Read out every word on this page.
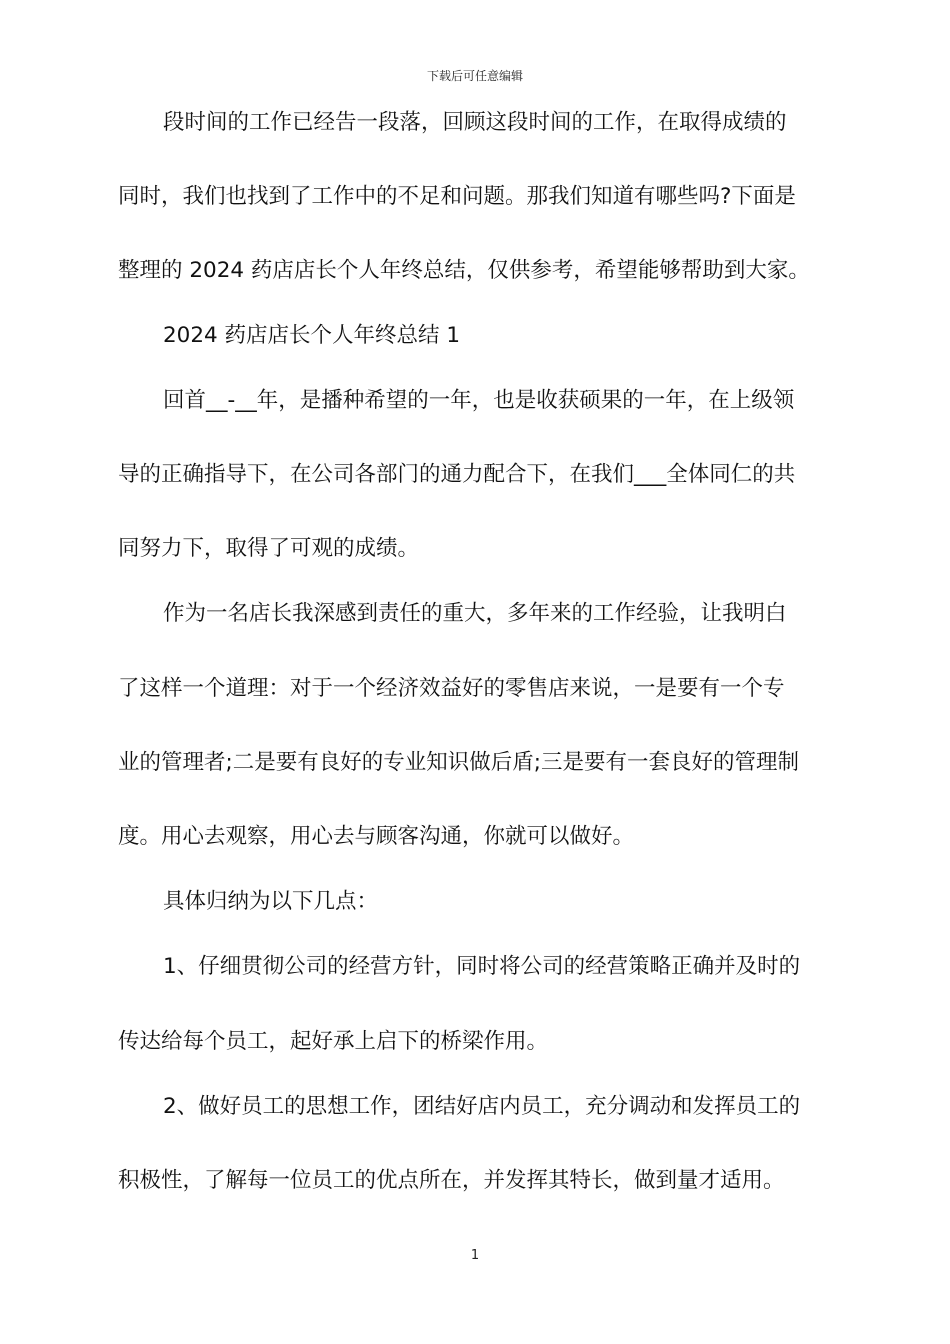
下载后可任意编辑
段时间的工作已经告一段落，回顾这段时间的工作，在取得成绩的
同时，我们也找到了工作中的不足和问题。那我们知道有哪些吗?下面是
整理的 2024 药店店长个人年终总结，仅供参考，希望能够帮助到大家。
2024 药店店长个人年终总结 1
回首__-__年，是播种希望的一年，也是收获硕果的一年，在上级领
导的正确指导下，在公司各部门的通力配合下，在我们___全体同仁的共
同努力下，取得了可观的成绩。
作为一名店长我深感到责任的重大，多年来的工作经验，让我明白
了这样一个道理：对于一个经济效益好的零售店来说，一是要有一个专
业的管理者;二是要有良好的专业知识做后盾;三是要有一套良好的管理制
度。用心去观察，用心去与顾客沟通，你就可以做好。
具体归纳为以下几点：
1、仔细贯彻公司的经营方针，同时将公司的经营策略正确并及时的
传达给每个员工，起好承上启下的桥梁作用。
2、做好员工的思想工作，团结好店内员工，充分调动和发挥员工的
积极性，了解每一位员工的优点所在，并发挥其特长，做到量才适用。
1
